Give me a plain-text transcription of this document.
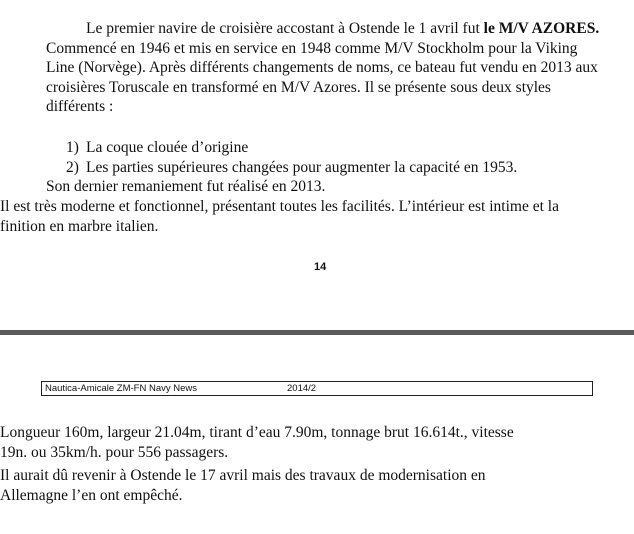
Le premier navire de croisière accostant à Ostende le 1 avril fut le M/V AZORES. Commencé en 1946 et mis en service en 1948 comme M/V Stockholm pour la Viking Line (Norvège). Après différents changements de noms, ce bateau fut vendu en 2013 aux croisières Toruscale en transformé en M/V Azores. Il se présente sous deux styles différents :

1) La coque clouée d’origine
2) Les parties supérieures changées pour augmenter la capacité en 1953.
Son dernier remaniement fut réalisé en 2013.

Il est très moderne et fonctionnel, présentant toutes les facilités. L’intérieur est intime et la finition en marbre italien.

14
Nautica-Amicale ZM-FN Navy News	2014/2

Longueur 160m, largeur 21.04m, tirant d’eau 7.90m, tonnage brut 16.614t., vitesse 19n. ou 35km/h. pour 556 passagers.

Il aurait dû revenir à Ostende le 17 avril mais des travaux de modernisation en Allemagne l’en ont empêché.
